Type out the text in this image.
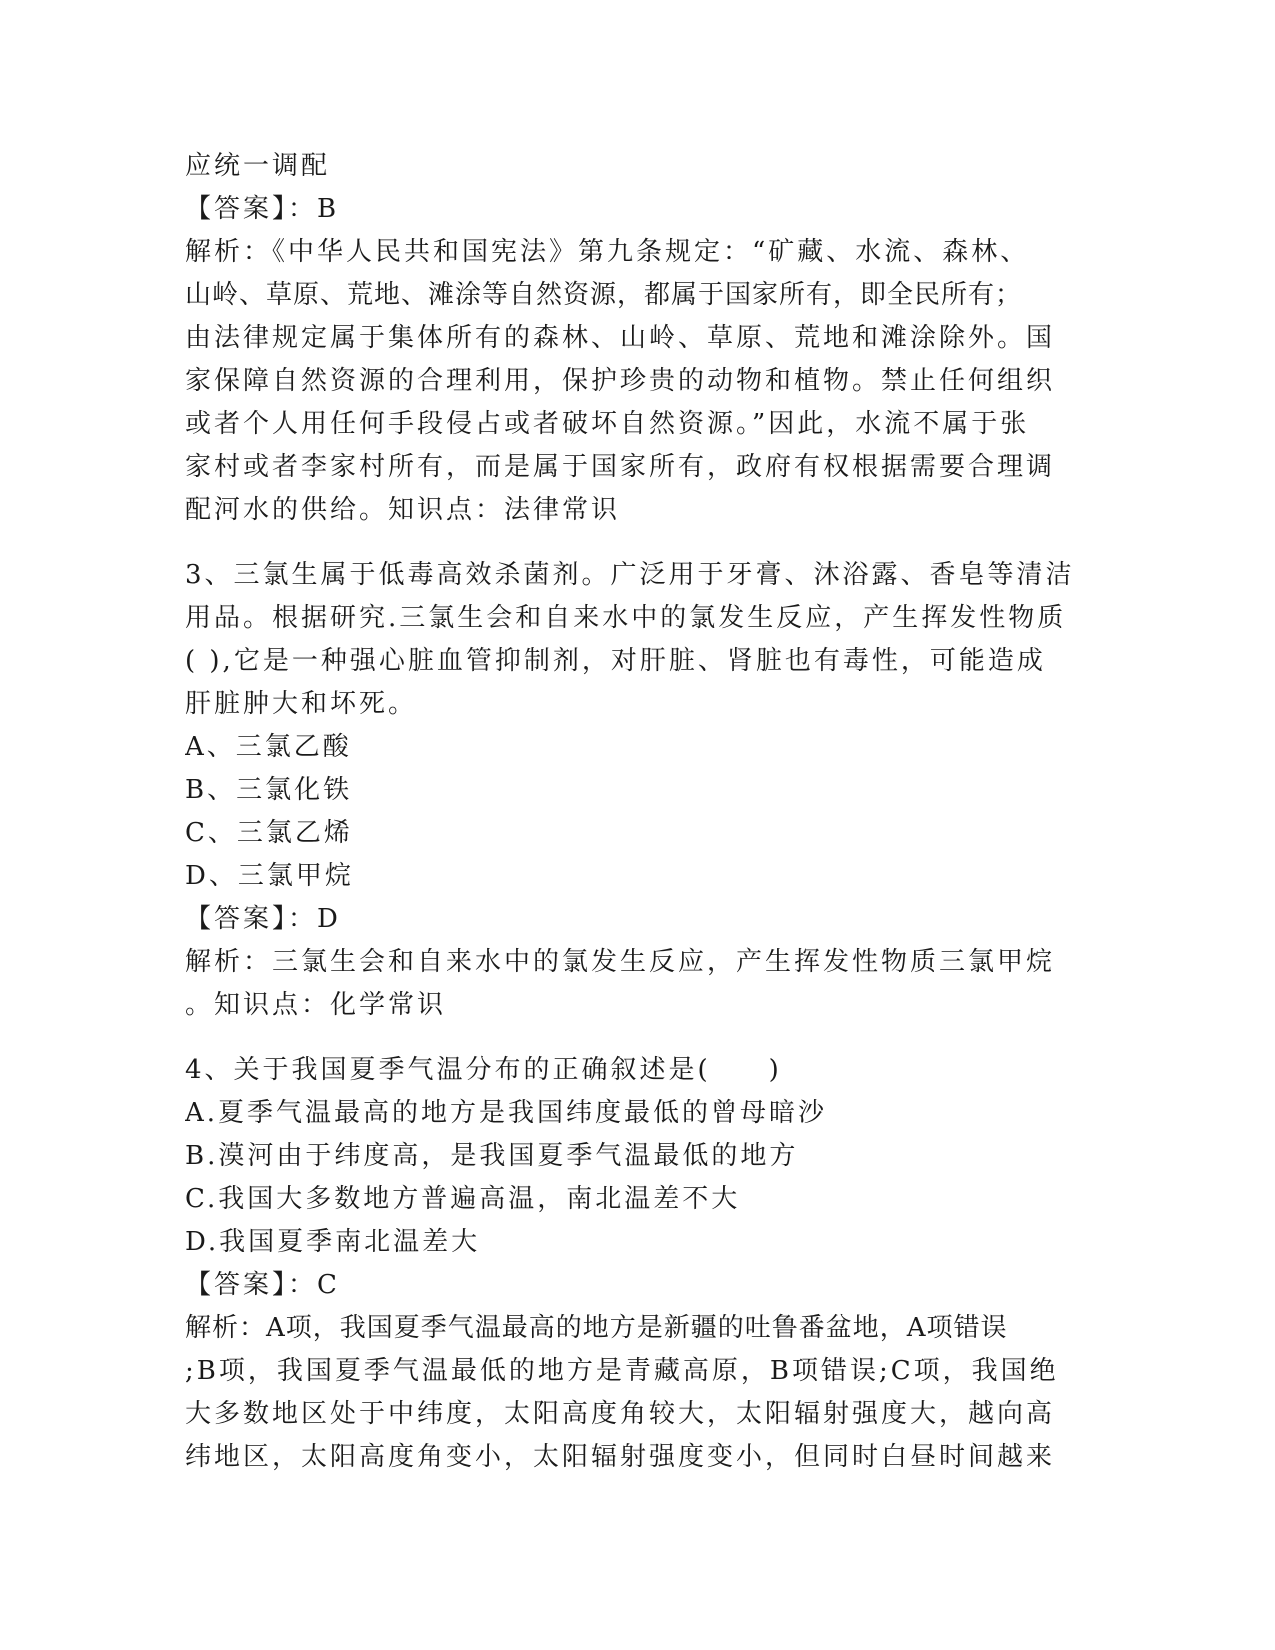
应统一调配
【答案】：B
解析：《中华人民共和国宪法》第九条规定：“矿藏、水流、森林、
山岭、草原、荒地、滩涂等自然资源，都属于国家所有，即全民所有；
由法律规定属于集体所有的森林、山岭、草原、荒地和滩涂除外。国
家保障自然资源的合理利用，保护珍贵的动物和植物。禁止任何组织
或者个人用任何手段侵占或者破坏自然资源。”因此，水流不属于张
家村或者李家村所有，而是属于国家所有，政府有权根据需要合理调
配河水的供给。知识点：法律常识
3、三氯生属于低毒高效杀菌剂。广泛用于牙膏、沐浴露、香皂等清洁
用品。根据研究.三氯生会和自来水中的氯发生反应，产生挥发性物质
( ),它是一种强心脏血管抑制剂，对肝脏、肾脏也有毒性，可能造成
肝脏肿大和坏死。
A、三氯乙酸
B、三氯化铁
C、三氯乙烯
D、三氯甲烷
【答案】：D
解析：三氯生会和自来水中的氯发生反应，产生挥发性物质三氯甲烷
。知识点：化学常识
4、关于我国夏季气温分布的正确叙述是(　　)
A.夏季气温最高的地方是我国纬度最低的曾母暗沙
B.漠河由于纬度高，是我国夏季气温最低的地方
C.我国大多数地方普遍高温，南北温差不大
D.我国夏季南北温差大
【答案】：C
解析：A项，我国夏季气温最高的地方是新疆的吐鲁番盆地，A项错误
;B项，我国夏季气温最低的地方是青藏高原，B项错误;C项，我国绝
大多数地区处于中纬度，太阳高度角较大，太阳辐射强度大，越向高
纬地区，太阳高度角变小，太阳辐射强度变小，但同时白昼时间越来
